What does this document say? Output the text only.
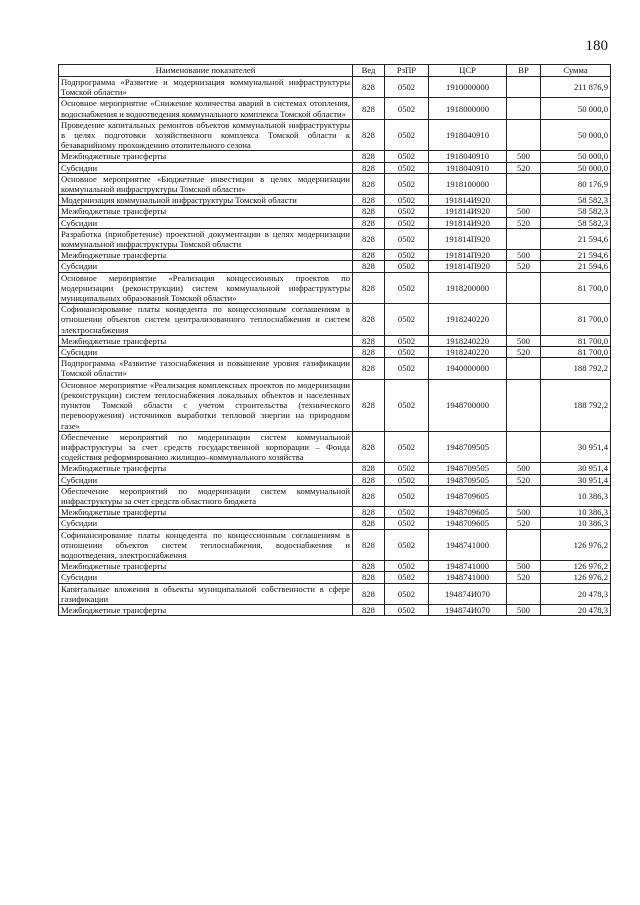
180
Наименование показателей	Вед	РзПР	ЦСР	ВР	Сумма
Подпрограмма «Развитие и модернизация коммунальной инфраструктуры Томской области»	828	0502	1910000000		211 876,9
Основное мероприятие «Снижение количества аварий в системах отопления, водоснабжения и водоотведения коммунального комплекса Томской области»	828	0502	1918000000		50 000,0
Проведение капитальных ремонтов объектов коммунальной инфраструктуры в целях подготовки хозяйственного комплекса Томской области к безаварийному прохождению отопительного сезона	828	0502	1918040910		50 000,0
Межбюджетные трансферты	828	0502	1918040910	500	50 000,0
Субсидии	828	0502	1918040910	520	50 000,0
Основное мероприятие «Бюджетные инвестиции в целях модернизации коммунальной инфраструктуры Томской области»	828	0502	1918100000		80 176,9
Модернизация коммунальной инфраструктуры Томской области	828	0502	191814И920		58 582,3
Межбюджетные трансферты	828	0502	191814И920	500	58 582,3
Субсидии	828	0502	191814И920	520	58 582,3
Разработка (приобретение) проектной документации в целях модернизации коммунальной инфраструктуры Томской области	828	0502	191814П920		21 594,6
Межбюджетные трансферты	828	0502	191814П920	500	21 594,6
Субсидии	828	0502	191814П920	520	21 594,6
Основное мероприятие «Реализация концессионных проектов по модернизации (реконструкции) систем коммунальной инфраструктуры муниципальных образований Томской области»	828	0502	1918200000		81 700,0
Софинансирование платы концедента по концессионным соглашениям в отношении объектов систем централизованного теплоснабжения и систем электроснабжения	828	0502	1918240220		81 700,0
Межбюджетные трансферты	828	0502	1918240220	500	81 700,0
Субсидии	828	0502	1918240220	520	81 700,0
Подпрограмма «Развитие газоснабжения и повышение уровня газификации Томской области»	828	0502	1940000000		188 792,2
Основное мероприятие «Реализация комплексных проектов по модернизации (реконструкции) систем теплоснабжения локальных объектов и населенных пунктов Томской области с учетом строительства (технического перевооружения) источников выработки тепловой энергии на природном газе»	828	0502	1948700000		188 792,2
Обеспечение мероприятий по модернизации систем коммунальной инфраструктуры за счет средств государственной корпорации – Фонда содействия реформированию жилищно–коммунального хозяйства	828	0502	1948709505		30 951,4
Межбюджетные трансферты	828	0502	1948709505	500	30 951,4
Субсидии	828	0502	1948709505	520	30 951,4
Обеспечение мероприятий по модернизации систем коммунальной инфраструктуры за счет средств областного бюджета	828	0502	1948709605		10 386,3
Межбюджетные трансферты	828	0502	1948709605	500	10 386,3
Субсидии	828	0502	1948709605	520	10 386,3
Софинансирование платы концедента по концессионным соглашениям в отношении объектов систем теплоснабжения, водоснабжения и водоотведения, электроснабжения	828	0502	1948741000		126 976,2
Межбюджетные трансферты	828	0502	1948741000	500	126 976,2
Субсидии	828	0502	1948741000	520	126 976,2
Капитальные вложения в объекты муниципальной собственности в сфере газификации	828	0502	194874И070		20 478,3
Межбюджетные трансферты	828	0502	194874И070	500	20 478,3
